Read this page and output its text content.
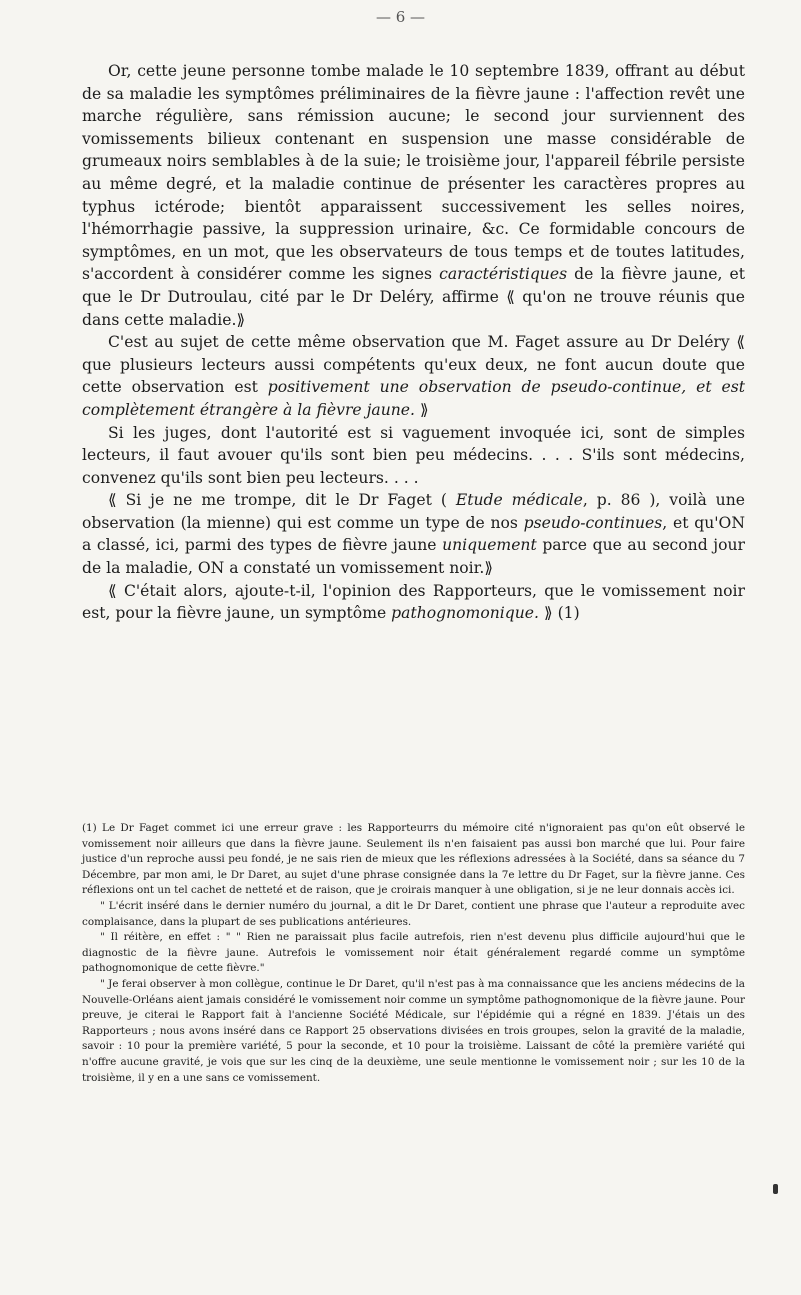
— 6 —

Or, cette jeune personne tombe malade le 10 septembre 1839, offrant au début de sa maladie les symptômes préliminaires de la fièvre jaune : l'affection revêt une marche régulière, sans rémission aucune; le second jour surviennent des vomissements bilieux contenant en suspension une masse considérable de grumeaux noirs semblables à de la suie; le troisième jour, l'appareil fébrile persiste au même degré, et la maladie continue de présenter les caractères propres au typhus ictérode; bientôt apparaissent successivement les selles noires, l'hémorrhagie passive, la suppression urinaire, &c. Ce formidable concours de symptômes, en un mot, que les observateurs de tous temps et de toutes latitudes, s'accordent à considérer comme les signes caractéristiques de la fièvre jaune, et que le Dr Dutroulau, cité par le Dr Deléry, affirme ⟪ qu'on ne trouve réunis que dans cette maladie.⟫

C'est au sujet de cette même observation que M. Faget assure au Dr Deléry ⟪ que plusieurs lecteurs aussi compétents qu'eux deux, ne font aucun doute que cette observation est positivement une observation de pseudo-continue, et est complètement étrangère à la fièvre jaune. ⟫

Si les juges, dont l'autorité est si vaguement invoquée ici, sont de simples lecteurs, il faut avouer qu'ils sont bien peu médecins. . . . S'ils sont médecins, convenez qu'ils sont bien peu lecteurs. . . .

⟪ Si je ne me trompe, dit le Dr Faget ( Etude médicale, p. 86 ), voilà une observation (la mienne) qui est comme un type de nos pseudo-continues, et qu'ON a classé, ici, parmi des types de fièvre jaune uniquement parce que au second jour de la maladie, ON a constaté un vomissement noir.⟫

⟪ C'était alors, ajoute-t-il, l'opinion des Rapporteurs, que le vomissement noir est, pour la fièvre jaune, un symptôme pathognomonique. ⟫ (1)

(1) Le Dr Faget commet ici une erreur grave : les Rapporteurrs du mémoire cité n'ignoraient pas qu'on eût observé le vomissement noir ailleurs que dans la fièvre jaune. Seulement ils n'en faisaient pas aussi bon marché que lui. Pour faire justice d'un reproche aussi peu fondé, je ne sais rien de mieux que les réflexions adressées à la Société, dans sa séance du 7 Décembre, par mon ami, le Dr Daret, au sujet d'une phrase consignée dans la 7e lettre du Dr Faget, sur la fièvre janne. Ces réflexions ont un tel cachet de netteté et de raison, que je croirais manquer à une obligation, si je ne leur donnais accès ici.

" L'écrit inséré dans le dernier numéro du journal, a dit le Dr Daret, contient une phrase que l'auteur a reproduite avec complaisance, dans la plupart de ses publications antérieures.

" Il réitère, en effet : " " Rien ne paraissait plus facile autrefois, rien n'est devenu plus difficile aujourd'hui que le diagnostic de la fièvre jaune. Autrefois le vomissement noir était généralement regardé comme un symptôme pathognomonique de cette fièvre."

" Je ferai observer à mon collègue, continue le Dr Daret, qu'il n'est pas à ma connaissance que les anciens médecins de la Nouvelle-Orléans aient jamais considéré le vomissement noir comme un symptôme pathognomonique de la fièvre jaune. Pour preuve, je citerai le Rapport fait à l'ancienne Société Médicale, sur l'épidémie qui a régné en 1839. J'étais un des Rapporteurs ; nous avons inséré dans ce Rapport 25 observations divisées en trois groupes, selon la gravité de la maladie, savoir : 10 pour la première variété, 5 pour la seconde, et 10 pour la troisième. Laissant de côté la première variété qui n'offre aucune gravité, je vois que sur les cinq de la deuxième, une seule mentionne le vomissement noir ; sur les 10 de la troisième, il y en a une sans ce vomissement.
